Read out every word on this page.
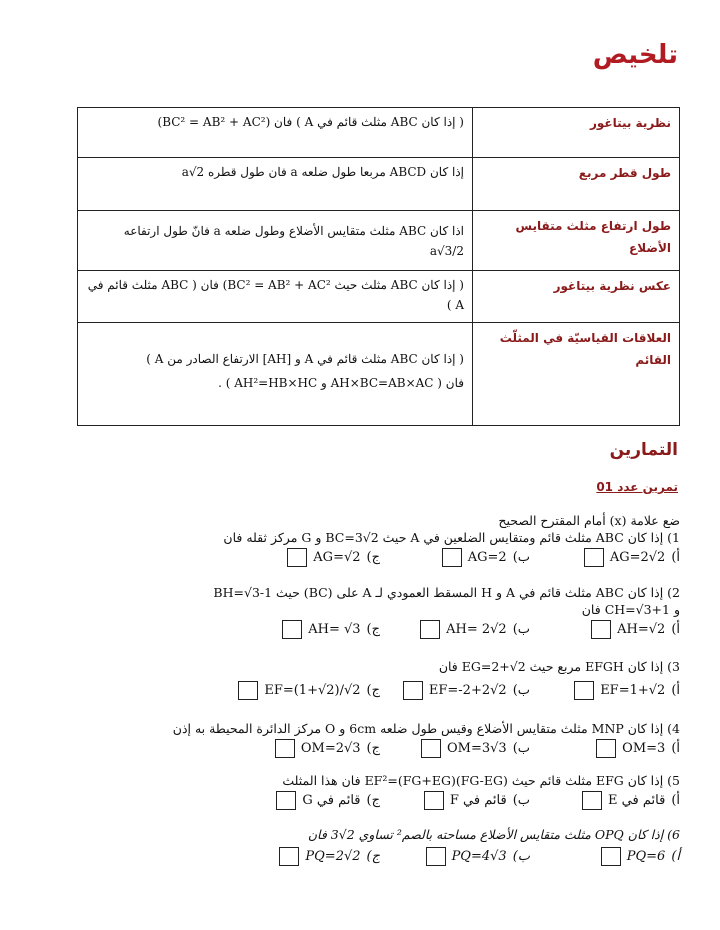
تلخيص
نظرية بيتاغور	( إذا كان ABC مثلث قائم في A ) فان (BC² = AB² + AC²)

طول قطر مربع	إذا كان ABCD مربعا طول ضلعه a فان طول قطره a√2

طول ارتفاع مثلث متقايس الأضلاع	اذا كان ABC مثلث متقايس الأضلاع وطول ضلعه a فانّ طول ارتفاعه a√3/2

عكس نظرية بيتاغور	( إذا كان ABC مثلث حيث BC² = AB² + AC²) فان ( ABC مثلث قائم في A )

العلاقات القياسيّة في المثلّث القائم	( إذا كان ABC مثلث قائم في A و [AH] الارتفاع الصادر من A )
فان ( AH×BC=AB×AC و AH²=HB×HC ) .
التمارين
تمرين عدد 01
ضع علامة (x) أمام المقترح الصحيح
1) إذا كان ABC مثلث قائم ومتقايس الضلعين في A حيث BC=3√2 و G مركز ثقله فان
أ)
AG=2√2
ب)
AG=2
ج)
AG=√2
2) إذا كان ABC مثلث قائم في A و H المسقط العمودي لـ A على (BC) حيث BH=√3-1
و CH=√3+1 فان
أ)
AH=√2
ب)
AH= 2√2
ج)
AH= √3
3) إذا كان EFGH مربع حيث EG=2+√2 فان
أ)
EF=1+√2
ب)
EF=-2+2√2
ج)
EF=(1+√2)/√2
4) إذا كان MNP مثلث متقايس الأضلاع وقيس طول ضلعه 6cm و O مركز الدائرة المحيطة به إذن
أ)
OM=3
ب)
OM=3√3
ج)
OM=2√3
5) إذا كان EFG مثلث قائم حيث (FG-EG)(FG+EG)=EF² فان هذا المثلث
أ)
قائم في E
ب)
قائم في F
ج)
قائم في G
6) إذا كان OPQ مثلث متقايس الأضلاع مساحته بالصم² تساوي 2√3 فان
أ)
PQ=6
ب)
PQ=4√3
ج)
PQ=2√2
